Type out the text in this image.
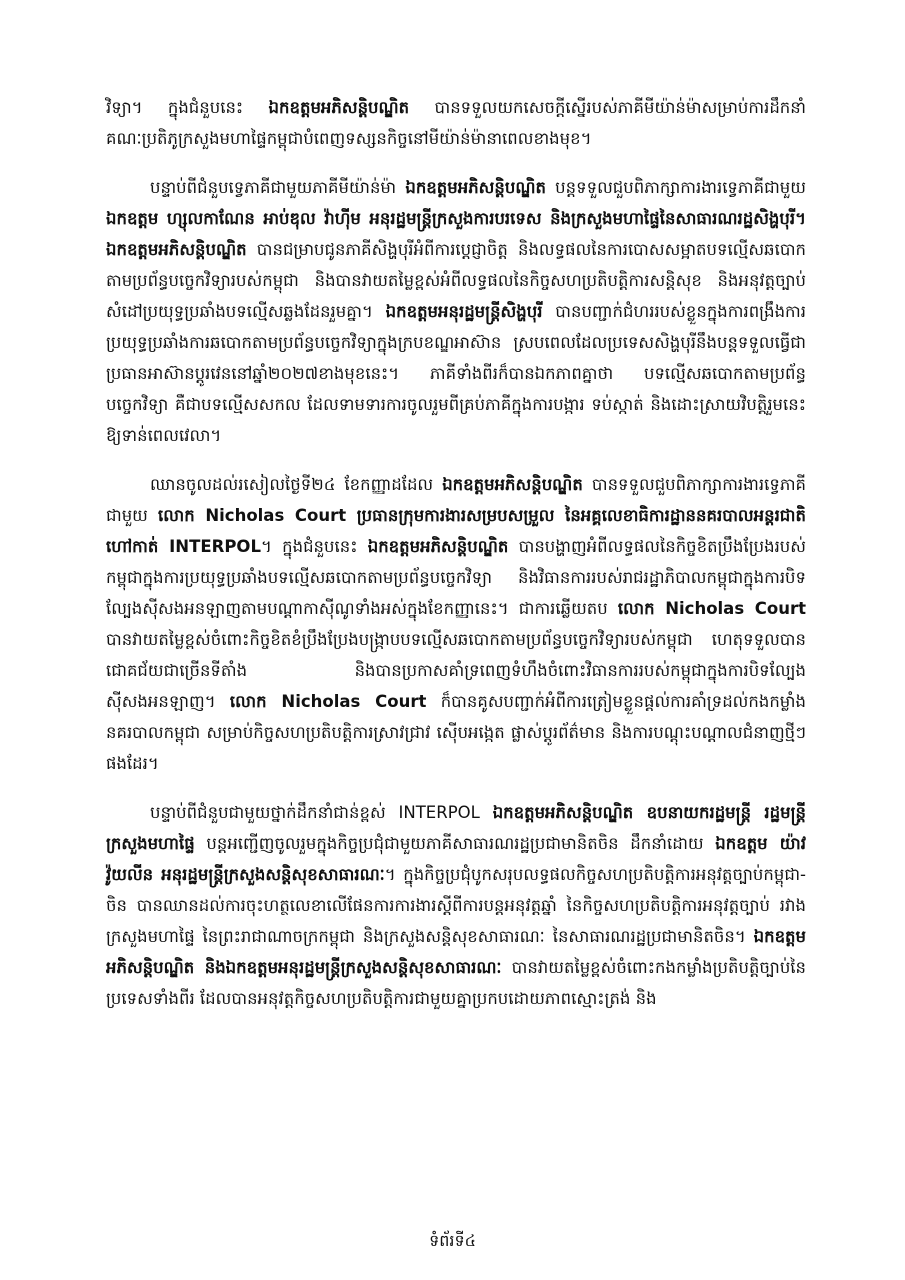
វិទ្យា។ ក្នុងជំនួបនេះ ឯកឧត្តមអភិសន្តិបណ្ឌិត បានទទួលយកសេចក្តីស្នើរបស់ភាគីមីយ៉ាន់ម៉ាសម្រាប់ការដឹកនាំគណៈប្រតិភូក្រសួងមហាផ្ទៃកម្ពុជាបំពេញទស្សនកិច្ចនៅមីយ៉ាន់ម៉ានាពេលខាងមុខ។

បន្ទាប់ពីជំនួបទ្វេភាគីជាមួយភាគីមីយ៉ាន់ម៉ា ឯកឧត្តមអភិសន្តិបណ្ឌិត បន្តទទួលជួបពិភាក្សាការងារទ្វេភាគីជាមួយ ឯកឧត្តម ហ្សុលកាណែន អាប់ឌុល វ៉ាហ៊ីម អនុរដ្ឋមន្ត្រីក្រសួងការបរទេស និងក្រសួងមហាផ្ទៃនៃសាធារណរដ្ឋសិង្ហបុរី។ ឯកឧត្តមអភិសន្តិបណ្ឌិត បានជម្រាបជូនភាគីសិង្ហបុរីអំពីការប្តេជ្ញាចិត្ត និងលទ្ធផលនៃការបោសសម្អាតបទល្មើសឆបោកតាមប្រព័ន្ធបច្ចេកវិទ្យារបស់កម្ពុជា និងបានវាយតម្លៃខ្ពស់អំពីលទ្ធផលនៃកិច្ចសហប្រតិបត្តិការសន្តិសុខ និងអនុវត្តច្បាប់សំដៅប្រយុទ្ធប្រឆាំងបទល្មើសឆ្លងដែនរួមគ្នា។ ឯកឧត្តមអនុរដ្ឋមន្ត្រីសិង្ហបុរី បានបញ្ជាក់ជំហររបស់ខ្លួនក្នុងការពង្រឹងការប្រយុទ្ធប្រឆាំងការឆបោកតាមប្រព័ន្ធបច្ចេកវិទ្យាក្នុងក្របខណ្ឌអាស៊ាន ស្របពេលដែលប្រទេសសិង្ហបុរីនឹងបន្តទទួលធ្វើជាប្រធានអាស៊ានប្តូរវេននៅឆ្នាំ២០២៧ខាងមុខនេះ។ ភាគីទាំងពីរក៏បានឯកភាពគ្នាថា បទល្មើសឆបោកតាមប្រព័ន្ធបច្ចេកវិទ្យា គឺជាបទល្មើសសកល ដែលទាមទារការចូលរួមពីគ្រប់ភាគីក្នុងការបង្ការ ទប់ស្កាត់ និងដោះស្រាយវិបត្តិរួមនេះឱ្យទាន់ពេលវេលា។

ឈានចូលដល់រសៀលថ្ងៃទី២៤ ខែកញ្ញាដដែល ឯកឧត្តមអភិសន្តិបណ្ឌិត បានទទួលជួបពិភាក្សាការងារទ្វេភាគីជាមួយ លោក Nicholas Court ប្រធានក្រុមការងារសម្របសម្រួល នៃអគ្គលេខាធិការដ្ឋាននគរបាលអន្តរជាតិ ហៅកាត់ INTERPOL។ ក្នុងជំនួបនេះ ឯកឧត្តមអភិសន្តិបណ្ឌិត បានបង្ហាញអំពីលទ្ធផលនៃកិច្ចខិតប្រឹងប្រែងរបស់កម្ពុជាក្នុងការប្រយុទ្ធប្រឆាំងបទល្មើសឆបោកតាមប្រព័ន្ធបច្ចេកវិទ្យា និងវិធានការរបស់រាជរដ្ឋាភិបាលកម្ពុជាក្នុងការបិទល្បែងស៊ីសងអនឡាញតាមបណ្តាកាស៊ីណូទាំងអស់ក្នុងខែកញ្ញានេះ។ ជាការឆ្លើយតប លោក Nicholas Court បានវាយតម្លៃខ្ពស់ចំពោះកិច្ចខិតខំប្រឹងប្រែងបង្ក្រាបបទល្មើសឆបោកតាមប្រព័ន្ធបច្ចេកវិទ្យារបស់កម្ពុជា ហេតុទទួលបានជោគជ័យជាច្រើនទីតាំង និងបានប្រកាសគាំទ្រពេញទំហឹងចំពោះវិធានការរបស់កម្ពុជាក្នុងការបិទល្បែងស៊ីសងអនឡាញ។ លោក Nicholas Court ក៏បានគូសបញ្ជាក់អំពីការត្រៀមខ្លួនផ្តល់ការគាំទ្រដល់កងកម្លាំងនគរបាលកម្ពុជា សម្រាប់កិច្ចសហប្រតិបត្តិការស្រាវជ្រាវ ស៊ើបអង្កេត ផ្លាស់ប្តូរព័ត៌មាន និងការបណ្តុះបណ្តាលជំនាញថ្មីៗផងដែរ។

បន្ទាប់ពីជំនួបជាមួយថ្នាក់ដឹកនាំជាន់ខ្ពស់ INTERPOL ឯកឧត្តមអភិសន្តិបណ្ឌិត ឧបនាយករដ្ឋមន្ត្រី រដ្ឋមន្ត្រីក្រសួងមហាផ្ទៃ បន្តអញ្ជើញចូលរួមក្នុងកិច្ចប្រជុំជាមួយភាគីសាធារណរដ្ឋប្រជាមានិតចិន ដឹកនាំដោយ ឯកឧត្តម យ៉ាវ វ៉ូយលីន អនុរដ្ឋមន្ត្រីក្រសួងសន្តិសុខសាធារណៈ។ ក្នុងកិច្ចប្រជុំបូកសរុបលទ្ធផលកិច្ចសហប្រតិបត្តិការអនុវត្តច្បាប់កម្ពុជា-ចិន បានឈានដល់ការចុះហត្ថលេខាលើផែនការការងារស្តីពីការបន្តអនុវត្តឆ្នាំ នៃកិច្ចសហប្រតិបត្តិការអនុវត្តច្បាប់ រវាងក្រសួងមហាផ្ទៃ នៃព្រះរាជាណាចក្រកម្ពុជា និងក្រសួងសន្តិសុខសាធារណៈ នៃសាធារណរដ្ឋប្រជាមានិតចិន។ ឯកឧត្តមអភិសន្តិបណ្ឌិត និងឯកឧត្តមអនុរដ្ឋមន្ត្រីក្រសួងសន្តិសុខសាធារណៈ បានវាយតម្លៃខ្ពស់ចំពោះកងកម្លាំងប្រតិបត្តិច្បាប់នៃប្រទេសទាំងពីរ ដែលបានអនុវត្តកិច្ចសហប្រតិបត្តិការជាមួយគ្នាប្រកបដោយភាពស្មោះត្រង់ និង

ទំព័រទី៤
